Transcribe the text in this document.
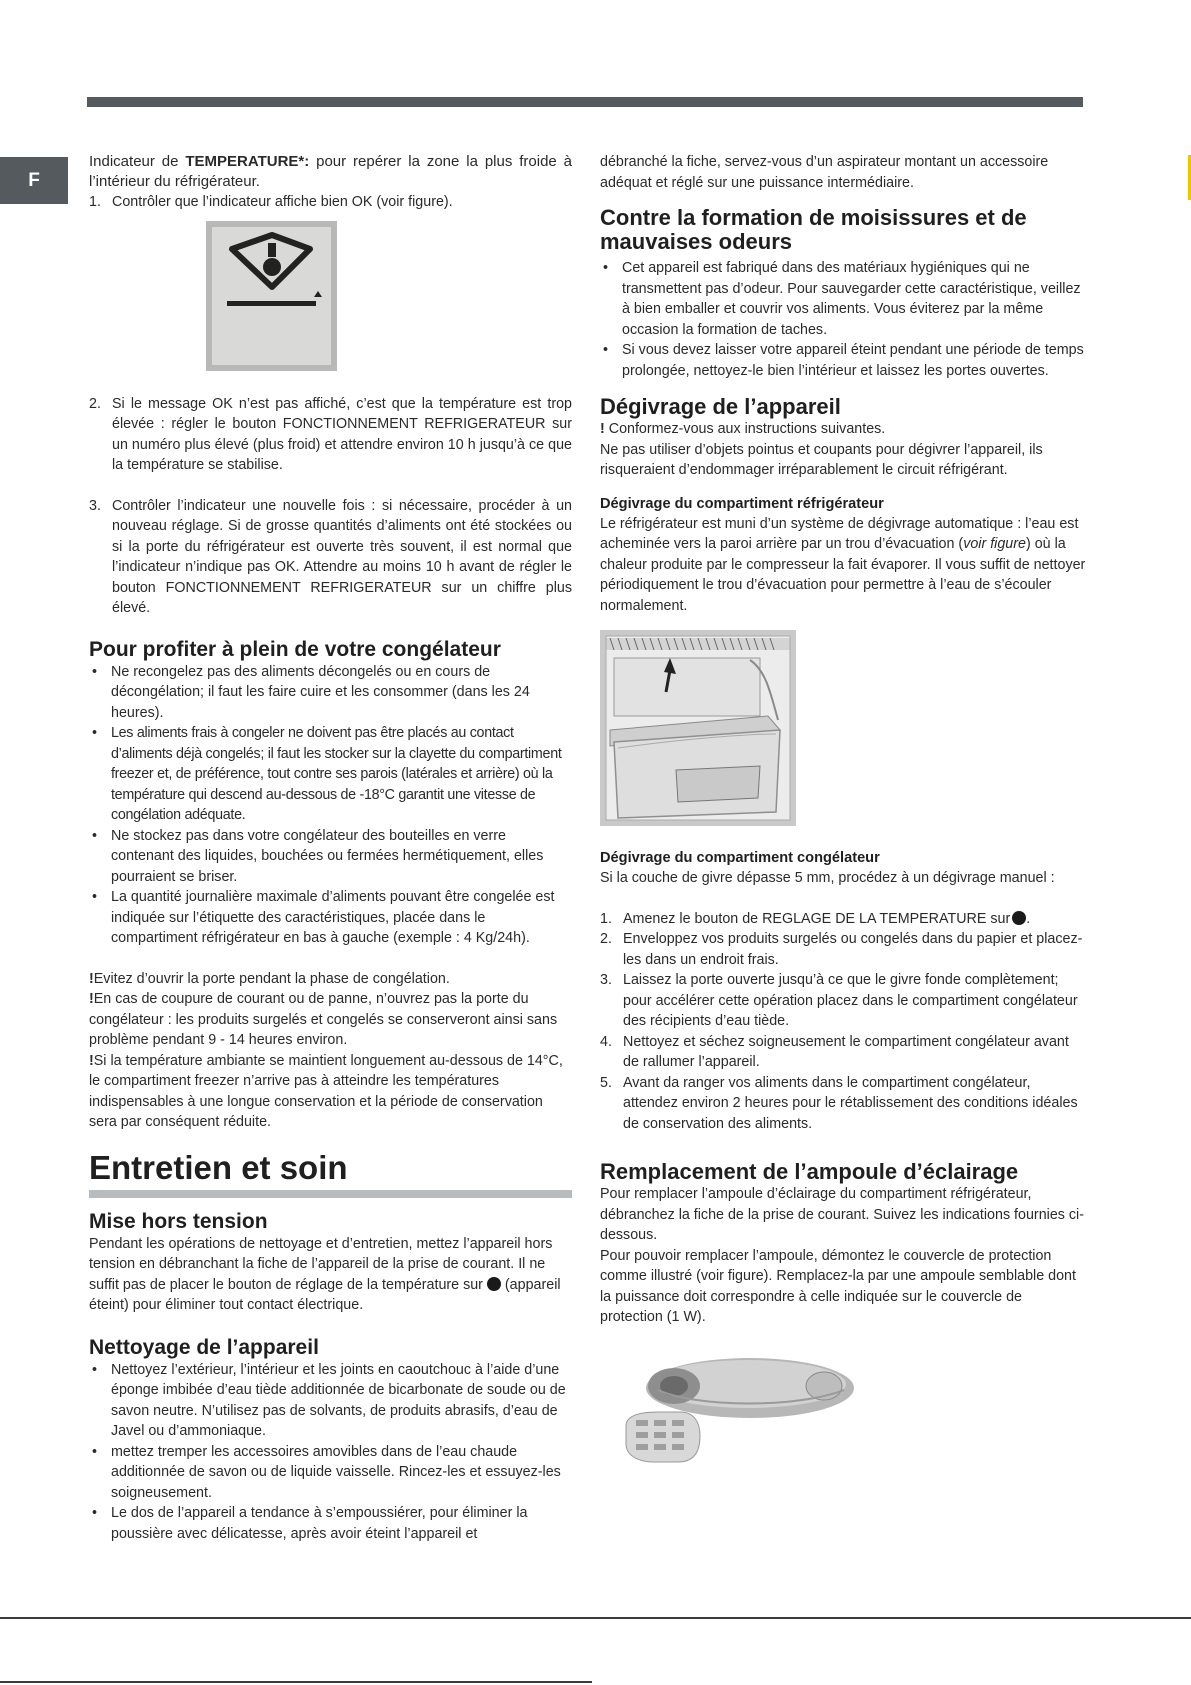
F

Indicateur de TEMPERATURE*: pour repérer la zone la plus froide à l’intérieur du réfrigérateur.

1. Contrôler que l’indicateur affiche bien OK (voir figure).
2. Si le message OK n’est pas affiché, c’est que la température est trop élevée : régler le bouton FONCTIONNEMENT REFRIGERATEUR sur un numéro plus élevé (plus froid) et attendre environ 10 h jusqu’à ce que la température se stabilise.
3. Contrôler l’indicateur une nouvelle fois : si nécessaire, procéder à un nouveau réglage. Si de grosse quantités d’aliments ont été stockées ou si la porte du réfrigérateur est ouverte très souvent, il est normal que l’indicateur n’indique pas OK. Attendre au moins 10 h avant de régler le bouton FONCTIONNEMENT REFRIGERATEUR sur un chiffre plus élevé.
Pour profiter à plein de votre congélateur
• Ne recongelez pas des aliments décongelés ou en cours de décongélation; il faut les faire cuire et les consommer (dans les 24 heures).
• Les aliments frais à congeler ne doivent pas être placés au contact d’aliments déjà congelés; il faut les stocker sur la clayette du compartiment freezer et, de préférence, tout contre ses parois (latérales et arrière) où la température qui descend au-dessous de -18°C garantit une vitesse de congélation adéquate.
• Ne stockez pas dans votre congélateur des bouteilles en verre contenant des liquides, bouchées ou fermées hermétiquement, elles pourraient se briser.
• La quantité journalière maximale d’aliments pouvant être congelée est indiquée sur l’étiquette des caractéristiques, placée dans le compartiment réfrigérateur en bas à gauche (exemple : 4 Kg/24h).

!Evitez d’ouvrir la porte pendant la phase de congélation.

!En cas de coupure de courant ou de panne, n’ouvrez pas la porte du congélateur : les produits surgelés et congelés se conserveront ainsi sans problème pendant 9 - 14 heures environ.

!Si la température ambiante se maintient longuement au-dessous de 14°C, le compartiment freezer n’arrive pas à atteindre les températures indispensables à une longue conservation et la période de conservation sera par conséquent réduite.

Entretien et soin
Mise hors tension

Pendant les opérations de nettoyage et d’entretien, mettez l’appareil hors tension en débranchant la fiche de l’appareil de la prise de courant. Il ne suffit pas de placer le bouton de réglage de la température sur  (appareil éteint) pour éliminer tout contact électrique.

Nettoyage de l’appareil
• Nettoyez l’extérieur, l’intérieur et les joints en caoutchouc à l’aide d’une éponge imbibée d’eau tiède additionnée de bicarbonate de soude ou de savon neutre. N’utilisez pas de solvants, de produits abrasifs, d’eau de Javel ou d’ammoniaque.
• mettez tremper les accessoires amovibles dans de l’eau chaude additionnée de savon ou de liquide vaisselle. Rincez-les et essuyez-les soigneusement.
• Le dos de l’appareil a tendance à s’empoussiérer, pour éliminer la poussière avec délicatesse, après avoir éteint l’appareil et

débranché la fiche, servez-vous d’un aspirateur montant un accessoire adéquat et réglé sur une puissance intermédiaire.

Contre la formation de moisissures et de mauvaises odeurs
• Cet appareil est fabriqué dans des matériaux hygiéniques qui ne transmettent pas d’odeur. Pour sauvegarder cette caractéristique, veillez à bien emballer et couvrir vos aliments. Vous éviterez par la même occasion la formation de taches.
• Si vous devez laisser votre appareil éteint pendant une période de temps prolongée, nettoyez-le bien l’intérieur et laissez les portes ouvertes.
Dégivrage de l’appareil

! Conformez-vous aux instructions suivantes.

Ne pas utiliser d’objets pointus et coupants pour dégivrer l’appareil, ils risqueraient d’endommager irréparablement le circuit réfrigérant.

Dégivrage du compartiment réfrigérateur

Le réfrigérateur est muni d’un système de dégivrage automatique : l’eau est acheminée vers la paroi arrière par un trou d’évacuation (voir figure) où la chaleur produite par le compresseur la fait évaporer. Il vous suffit de nettoyer périodiquement le trou d’évacuation pour permettre à l’eau de s’écouler normalement.

Dégivrage du compartiment congélateur

Si la couche de givre dépasse 5 mm, procédez à un dégivrage manuel :

1. Amenez le bouton de REGLAGE DE LA TEMPERATURE sur .
2. Enveloppez vos produits surgelés ou congelés dans du papier et placez-les dans un endroit frais.
3. Laissez la porte ouverte jusqu’à ce que le givre fonde complètement; pour accélérer cette opération placez dans le compartiment congélateur des récipients d’eau tiède.
4. Nettoyez et séchez soigneusement le compartiment congélateur avant de rallumer l’appareil.
5. Avant da ranger vos aliments dans le compartiment congélateur, attendez environ 2 heures pour le rétablissement des conditions idéales de conservation des aliments.
Remplacement de l’ampoule d’éclairage

Pour remplacer l’ampoule d’éclairage du compartiment réfrigérateur, débranchez la fiche de la prise de courant. Suivez les indications fournies ci-dessous.

Pour pouvoir remplacer l’ampoule, démontez le couvercle de protection comme illustré (voir figure). Remplacez-la par une ampoule semblable dont la puissance doit correspondre à celle indiquée sur le couvercle de protection (1 W).
